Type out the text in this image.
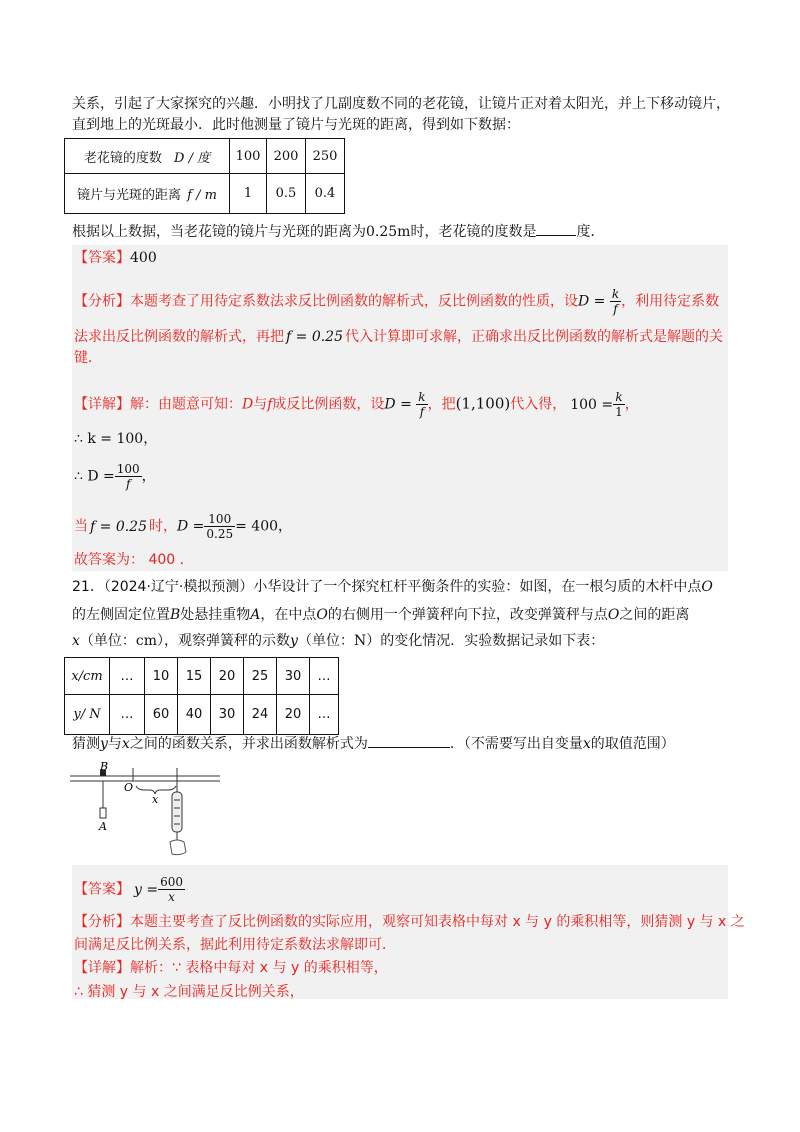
关系，引起了大家探究的兴趣．小明找了几副度数不同的老花镜，让镜片正对着太阳光，并上下移动镜片，
直到地上的光斑最小．此时他测量了镜片与光斑的距离，得到如下数据：
老花镜的度数 D / 度	100	200	250
镜片与光斑的距离 f / m	1	0.5	0.4
根据以上数据，当老花镜的镜片与光斑的距离为0.25m时，老花镜的度数是	度．
【答案】400
【分析】本题考查了用待定系数法求反比例函数的解析式，反比例函数的性质，设$D = \frac{k}{f}$ ，利用待定系数
法求出反比例函数的解析式，再把 f = 0.25 代入计算即可求解，正确求出反比例函数的解析式是解题的关
键．
【详解】解：由题意可知：D与f成反比例函数，设$D = \frac{k}{f}$ ，把(1,100)代入得， $100 = \frac{k}{1}$ ，
∴ k = 100，
∴ $D = \frac{100}{f}$ ，
当 f = 0.25 时，$D = \frac{100}{0.25} = 400$，
故答案为： 400 ．
21．（2024·辽宁·模拟预测）小华设计了一个探究杠杆平衡条件的实验：如图，在一根匀质的木杆中点O
的左侧固定位置B处悬挂重物A，在中点O的右侧用一个弹簧秤向下拉，改变弹簧秤与点O之间的距离
x（单位：cm），观察弹簧秤的示数y（单位：N）的变化情况．实验数据记录如下表：
x/cm	…	10	15	20	25	30	…
y/ N	…	60	40	30	24	20	…
猜测y与x之间的函数关系，并求出函数解析式为	．（不需要写出自变量x的取值范围）
B
O
x
A
【答案】 $y = \frac{600}{x}$
【分析】本题主要考查了反比例函数的实际应用，观察可知表格中每对 x 与 y 的乘积相等，则猜测 y 与 x 之
间满足反比例关系，据此利用待定系数法求解即可．
【详解】解析：∵ 表格中每对 x 与 y 的乘积相等，
∴ 猜测 y 与 x 之间满足反比例关系，
